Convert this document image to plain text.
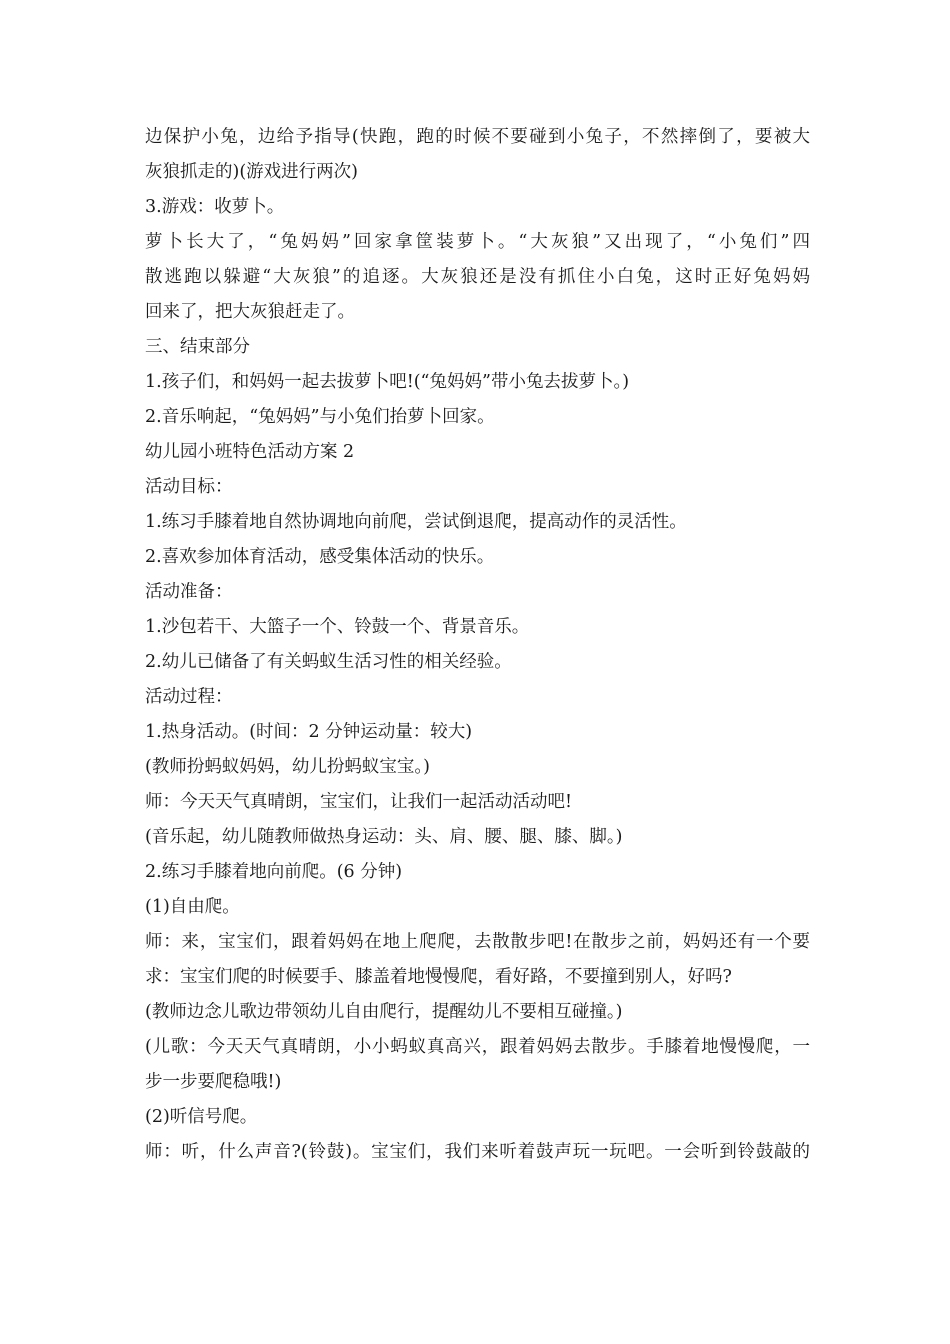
边保护小兔，边给予指导(快跑，跑的时候不要碰到小兔子，不然摔倒了，要被大
灰狼抓走的)(游戏进行两次)
3.游戏：收萝卜。
萝卜长大了，“兔妈妈”回家拿筐装萝卜。“大灰狼”又出现了，“小兔们”四
散逃跑以躲避“大灰狼”的追逐。大灰狼还是没有抓住小白兔，这时正好兔妈妈
回来了，把大灰狼赶走了。
三、结束部分
1.孩子们，和妈妈一起去拔萝卜吧!(“兔妈妈”带小兔去拔萝卜。)
2.音乐响起，“兔妈妈”与小兔们抬萝卜回家。
幼儿园小班特色活动方案 2
活动目标：
1.练习手膝着地自然协调地向前爬，尝试倒退爬，提高动作的灵活性。
2.喜欢参加体育活动，感受集体活动的快乐。
活动准备：
1.沙包若干、大篮子一个、铃鼓一个、背景音乐。
2.幼儿已储备了有关蚂蚁生活习性的相关经验。
活动过程：
1.热身活动。(时间：2 分钟运动量：较大)
(教师扮蚂蚁妈妈，幼儿扮蚂蚁宝宝。)
师：今天天气真晴朗，宝宝们，让我们一起活动活动吧!
(音乐起，幼儿随教师做热身运动：头、肩、腰、腿、膝、脚。)
2.练习手膝着地向前爬。(6 分钟)
(1)自由爬。
师：来，宝宝们，跟着妈妈在地上爬爬，去散散步吧!在散步之前，妈妈还有一个要
求：宝宝们爬的时候要手、膝盖着地慢慢爬，看好路，不要撞到别人，好吗?
(教师边念儿歌边带领幼儿自由爬行，提醒幼儿不要相互碰撞。)
(儿歌：今天天气真晴朗，小小蚂蚁真高兴，跟着妈妈去散步。手膝着地慢慢爬，一
步一步要爬稳哦!)
(2)听信号爬。
师：听，什么声音?(铃鼓)。宝宝们，我们来听着鼓声玩一玩吧。一会听到铃鼓敲的
